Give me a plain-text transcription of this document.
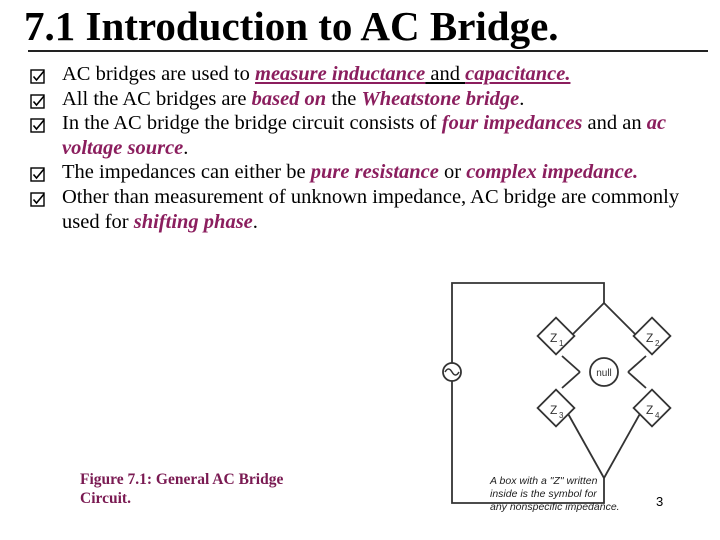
7.1 Introduction to AC Bridge.
AC bridges are used to measure inductance and capacitance.
All the AC bridges are based on the Wheatstone bridge.
In the AC bridge the bridge circuit consists of four impedances and an ac voltage source.
The impedances can either be pure resistance or complex impedance.
Other than measurement of unknown impedance, AC bridge are commonly used for shifting phase.
Z 1	Z 2
Z 3	Z 4
null
A box with a "Z" written
inside is the symbol for
any nonspecific impedance.
Figure 7.1: General AC Bridge
Circuit.	3
